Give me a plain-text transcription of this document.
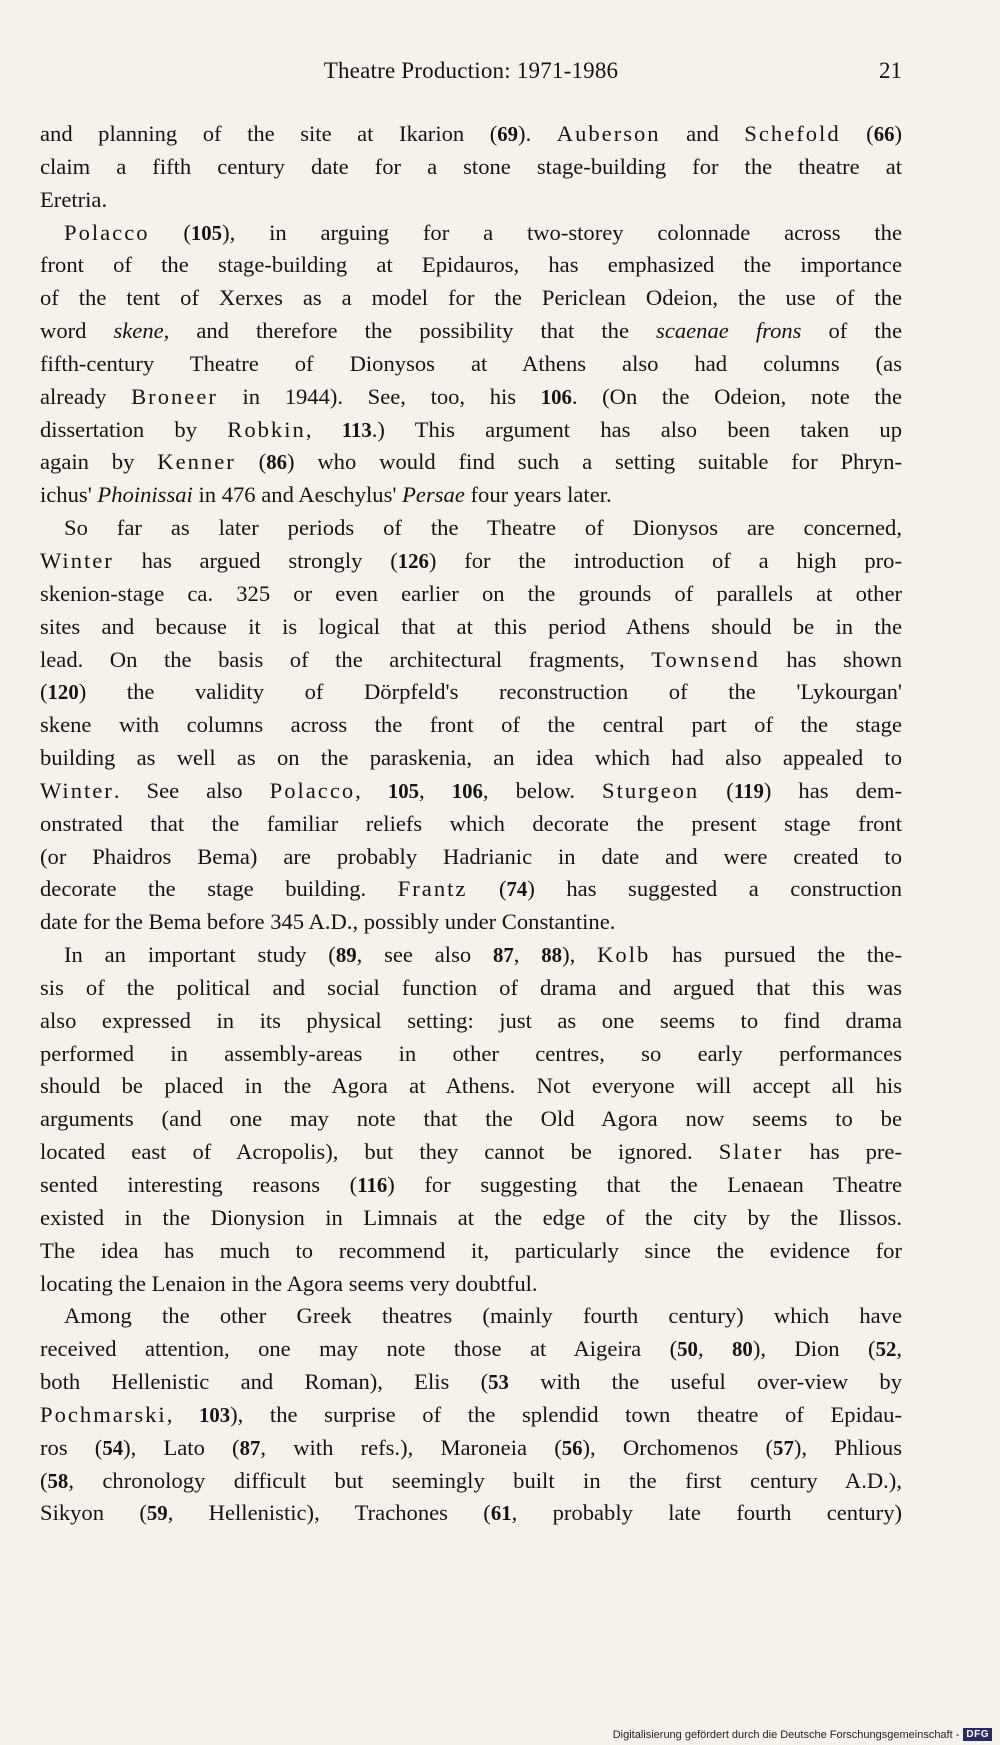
Theatre Production: 1971-1986	21
and planning of the site at Ikarion (69). Auberson and Schefold (66)
claim a fifth century date for a stone stage-building for the theatre at
Eretria.
Polacco (105), in arguing for a two-storey colonnade across the
front of the stage-building at Epidauros, has emphasized the importance
of the tent of Xerxes as a model for the Periclean Odeion, the use of the
word skene, and therefore the possibility that the scaenae frons of the
fifth-century Theatre of Dionysos at Athens also had columns (as
already Broneer in 1944). See, too, his 106. (On the Odeion, note the
dissertation by Robkin, 113.) This argument has also been taken up
again by Kenner (86) who would find such a setting suitable for Phryn-
ichus' Phoinissai in 476 and Aeschylus' Persae four years later.
So far as later periods of the Theatre of Dionysos are concerned,
Winter has argued strongly (126) for the introduction of a high pro-
skenion-stage ca. 325 or even earlier on the grounds of parallels at other
sites and because it is logical that at this period Athens should be in the
lead. On the basis of the architectural fragments, Townsend has shown
(120) the validity of Dörpfeld's reconstruction of the 'Lykourgan'
skene with columns across the front of the central part of the stage
building as well as on the paraskenia, an idea which had also appealed to
Winter. See also Polacco, 105, 106, below. Sturgeon (119) has dem-
onstrated that the familiar reliefs which decorate the present stage front
(or Phaidros Bema) are probably Hadrianic in date and were created to
decorate the stage building. Frantz (74) has suggested a construction
date for the Bema before 345 A.D., possibly under Constantine.
In an important study (89, see also 87, 88), Kolb has pursued the the-
sis of the political and social function of drama and argued that this was
also expressed in its physical setting: just as one seems to find drama
performed in assembly-areas in other centres, so early performances
should be placed in the Agora at Athens. Not everyone will accept all his
arguments (and one may note that the Old Agora now seems to be
located east of Acropolis), but they cannot be ignored. Slater has pre-
sented interesting reasons (116) for suggesting that the Lenaean Theatre
existed in the Dionysion in Limnais at the edge of the city by the Ilissos.
The idea has much to recommend it, particularly since the evidence for
locating the Lenaion in the Agora seems very doubtful.
Among the other Greek theatres (mainly fourth century) which have
received attention, one may note those at Aigeira (50, 80), Dion (52,
both Hellenistic and Roman), Elis (53 with the useful over-view by
Pochmarski, 103), the surprise of the splendid town theatre of Epidau-
ros (54), Lato (87, with refs.), Maroneia (56), Orchomenos (57), Phlious
(58, chronology difficult but seemingly built in the first century A.D.),
Sikyon (59, Hellenistic), Trachones (61, probably late fourth century)
Digitalisierung gefördert durch die Deutsche Forschungsgemeinschaft - DFG
